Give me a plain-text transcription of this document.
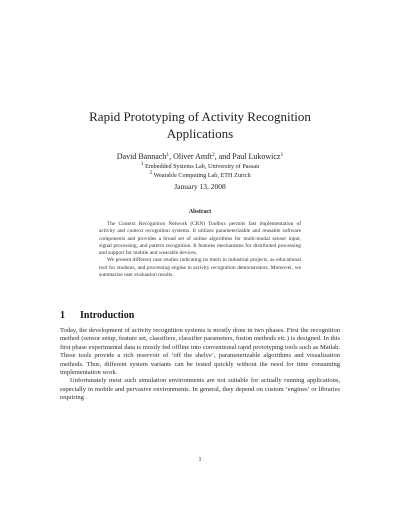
Rapid Prototyping of Activity Recognition Applications
David Bannach$^1$, Oliver Amft$^2$, and Paul Lukowicz$^1$
$^1$ Embedded Systems Lab, University of Passau
$^2$ Wearable Computing Lab, ETH Zurich
January 13, 2008
Abstract

The Context Recognition Network (CRN) Toolbox permits fast implementation of activity and context recognition systems. It utilizes parameterizable and reusable software components and provides a broad set of online algorithms for multi-modal sensor input, signal processing, and pattern recognition. It features mechanisms for distributed processing and support for mobile and wearable devices.

We present different case studies indicating its merit in industrial projects, as educational tool for students, and processing engine in activity recognition demonstrators. Moreover, we summarize user evaluation results.

1 Introduction

Today, the development of activity recognition systems is mostly done in two phases. First the recognition method (sensor setup, feature set, classifiers, classifier parameters, fusion methods etc.) is designed. In this first phase experimental data is mostly fed offline into conventional rapid prototyping tools such as Matlab. These tools provide a rich reservoir of ‘off the shelve’, parameterizable algorithms and visualization methods. Thus, different system variants can be tested quickly without the need for time consuming implementation work.

Unfortunately most such simulation environments are not suitable for actually running applications, especially in mobile and pervasive environments. In general, they depend on custom ‘engines’ or libraries requiring

1
